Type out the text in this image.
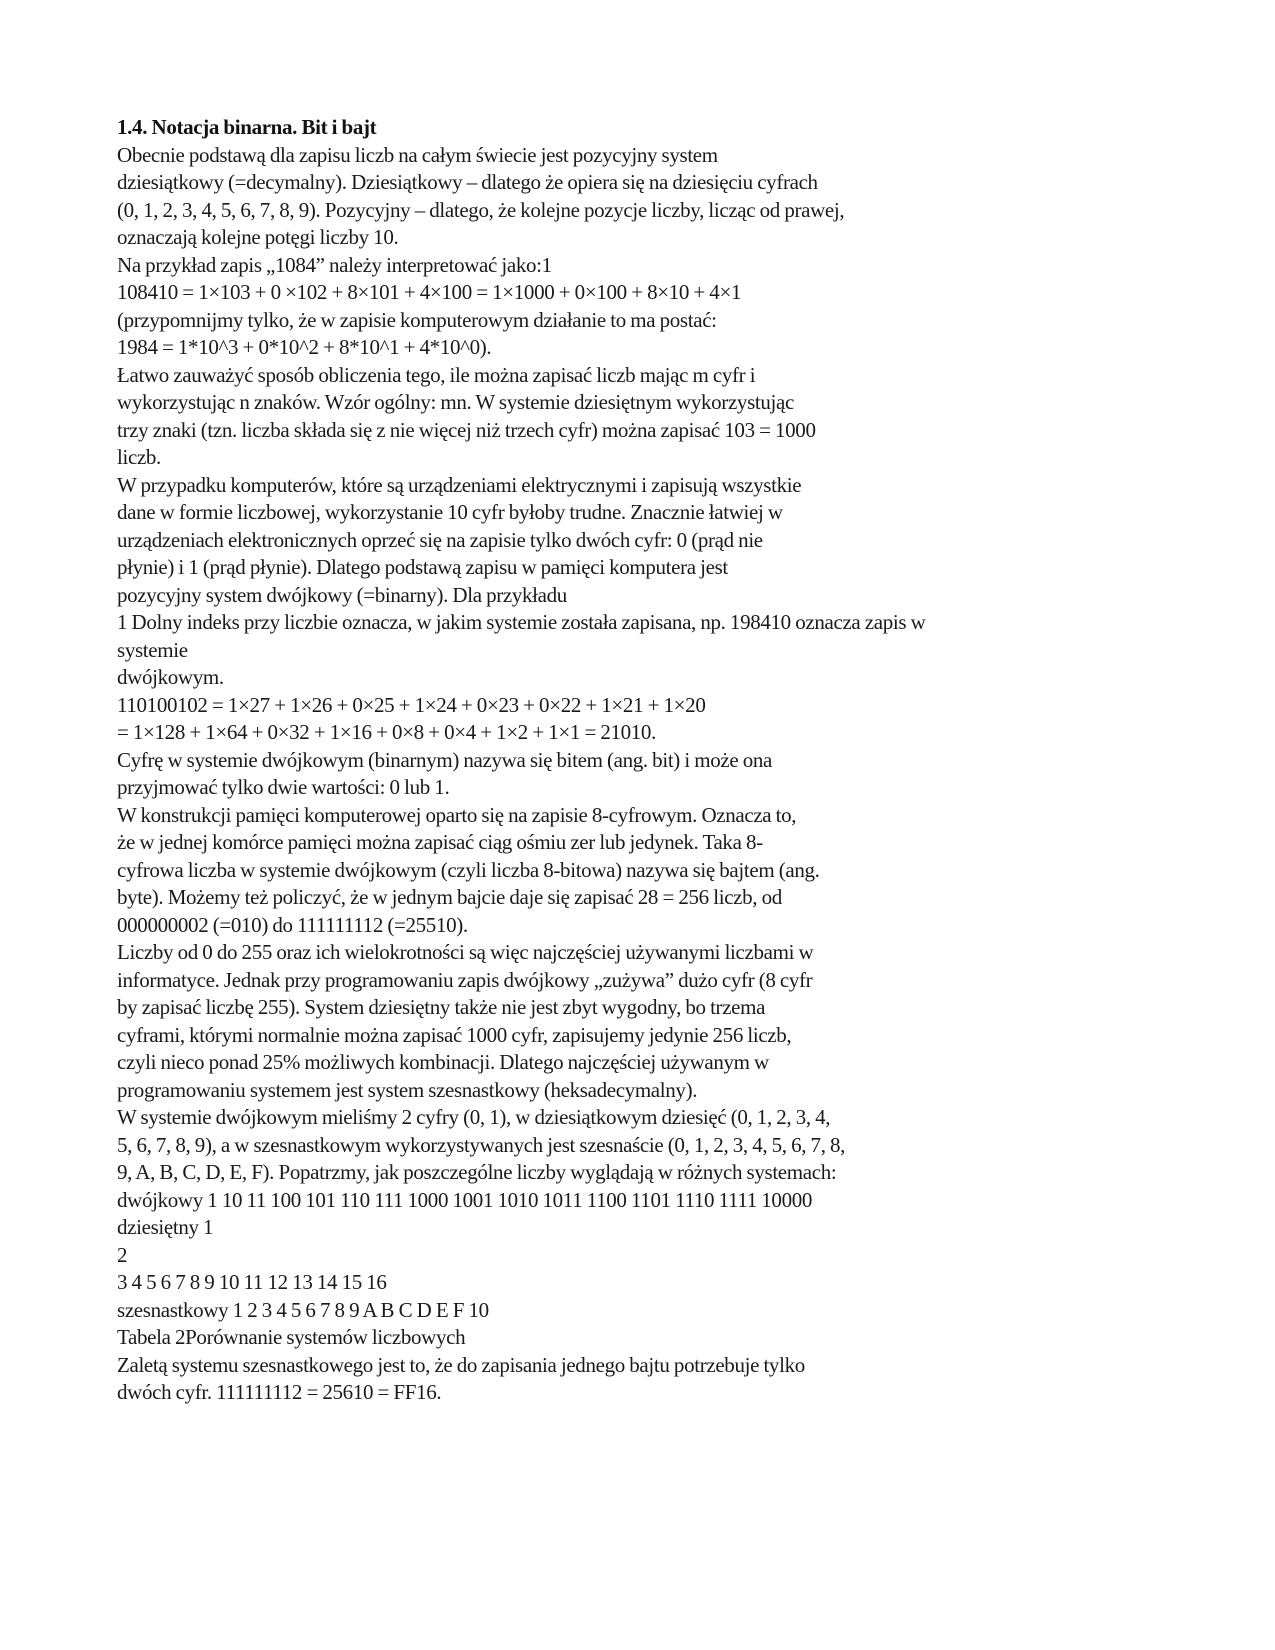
1.4. Notacja binarna. Bit i bajt
Obecnie podstawą dla zapisu liczb na całym świecie jest pozycyjny system
dziesiątkowy (=decymalny). Dziesiątkowy – dlatego że opiera się na dziesięciu cyfrach
(0, 1, 2, 3, 4, 5, 6, 7, 8, 9). Pozycyjny – dlatego, że kolejne pozycje liczby, licząc od prawej,
oznaczają kolejne potęgi liczby 10.
Na przykład zapis „1084” należy interpretować jako:1
108410 = 1×103 + 0 ×102 + 8×101 + 4×100 = 1×1000 + 0×100 + 8×10 + 4×1
(przypomnijmy tylko, że w zapisie komputerowym działanie to ma postać:
1984 = 1*10^3 + 0*10^2 + 8*10^1 + 4*10^0).
Łatwo zauważyć sposób obliczenia tego, ile można zapisać liczb mając m cyfr i
wykorzystując n znaków. Wzór ogólny: mn. W systemie dziesiętnym wykorzystując
trzy znaki (tzn. liczba składa się z nie więcej niż trzech cyfr) można zapisać 103 = 1000
liczb.
W przypadku komputerów, które są urządzeniami elektrycznymi i zapisują wszystkie
dane w formie liczbowej, wykorzystanie 10 cyfr byłoby trudne. Znacznie łatwiej w
urządzeniach elektronicznych oprzeć się na zapisie tylko dwóch cyfr: 0 (prąd nie
płynie) i 1 (prąd płynie). Dlatego podstawą zapisu w pamięci komputera jest
pozycyjny system dwójkowy (=binarny). Dla przykładu
1 Dolny indeks przy liczbie oznacza, w jakim systemie została zapisana, np. 198410 oznacza zapis w
systemie
dwójkowym.
110100102 = 1×27 + 1×26 + 0×25 + 1×24 + 0×23 + 0×22 + 1×21 + 1×20
= 1×128 + 1×64 + 0×32 + 1×16 + 0×8 + 0×4 + 1×2 + 1×1 = 21010.
Cyfrę w systemie dwójkowym (binarnym) nazywa się bitem (ang. bit) i może ona
przyjmować tylko dwie wartości: 0 lub 1.
W konstrukcji pamięci komputerowej oparto się na zapisie 8-cyfrowym. Oznacza to,
że w jednej komórce pamięci można zapisać ciąg ośmiu zer lub jedynek. Taka 8-
cyfrowa liczba w systemie dwójkowym (czyli liczba 8-bitowa) nazywa się bajtem (ang.
byte). Możemy też policzyć, że w jednym bajcie daje się zapisać 28 = 256 liczb, od
000000002 (=010) do 111111112 (=25510).
Liczby od 0 do 255 oraz ich wielokrotności są więc najczęściej używanymi liczbami w
informatyce. Jednak przy programowaniu zapis dwójkowy „zużywa” dużo cyfr (8 cyfr
by zapisać liczbę 255). System dziesiętny także nie jest zbyt wygodny, bo trzema
cyframi, którymi normalnie można zapisać 1000 cyfr, zapisujemy jedynie 256 liczb,
czyli nieco ponad 25% możliwych kombinacji. Dlatego najczęściej używanym w
programowaniu systemem jest system szesnastkowy (heksadecymalny).
W systemie dwójkowym mieliśmy 2 cyfry (0, 1), w dziesiątkowym dziesięć (0, 1, 2, 3, 4,
5, 6, 7, 8, 9), a w szesnastkowym wykorzystywanych jest szesnaście (0, 1, 2, 3, 4, 5, 6, 7, 8,
9, A, B, C, D, E, F). Popatrzmy, jak poszczególne liczby wyglądają w różnych systemach:
dwójkowy 1 10 11 100 101 110 111 1000 1001 1010 1011 1100 1101 1110 1111 10000
dziesiętny 1
2
3 4 5 6 7 8 9 10 11 12 13 14 15 16
szesnastkowy 1 2 3 4 5 6 7 8 9 A B C D E F 10
Tabela 2Porównanie systemów liczbowych
Zaletą systemu szesnastkowego jest to, że do zapisania jednego bajtu potrzebuje tylko
dwóch cyfr. 111111112 = 25610 = FF16.
